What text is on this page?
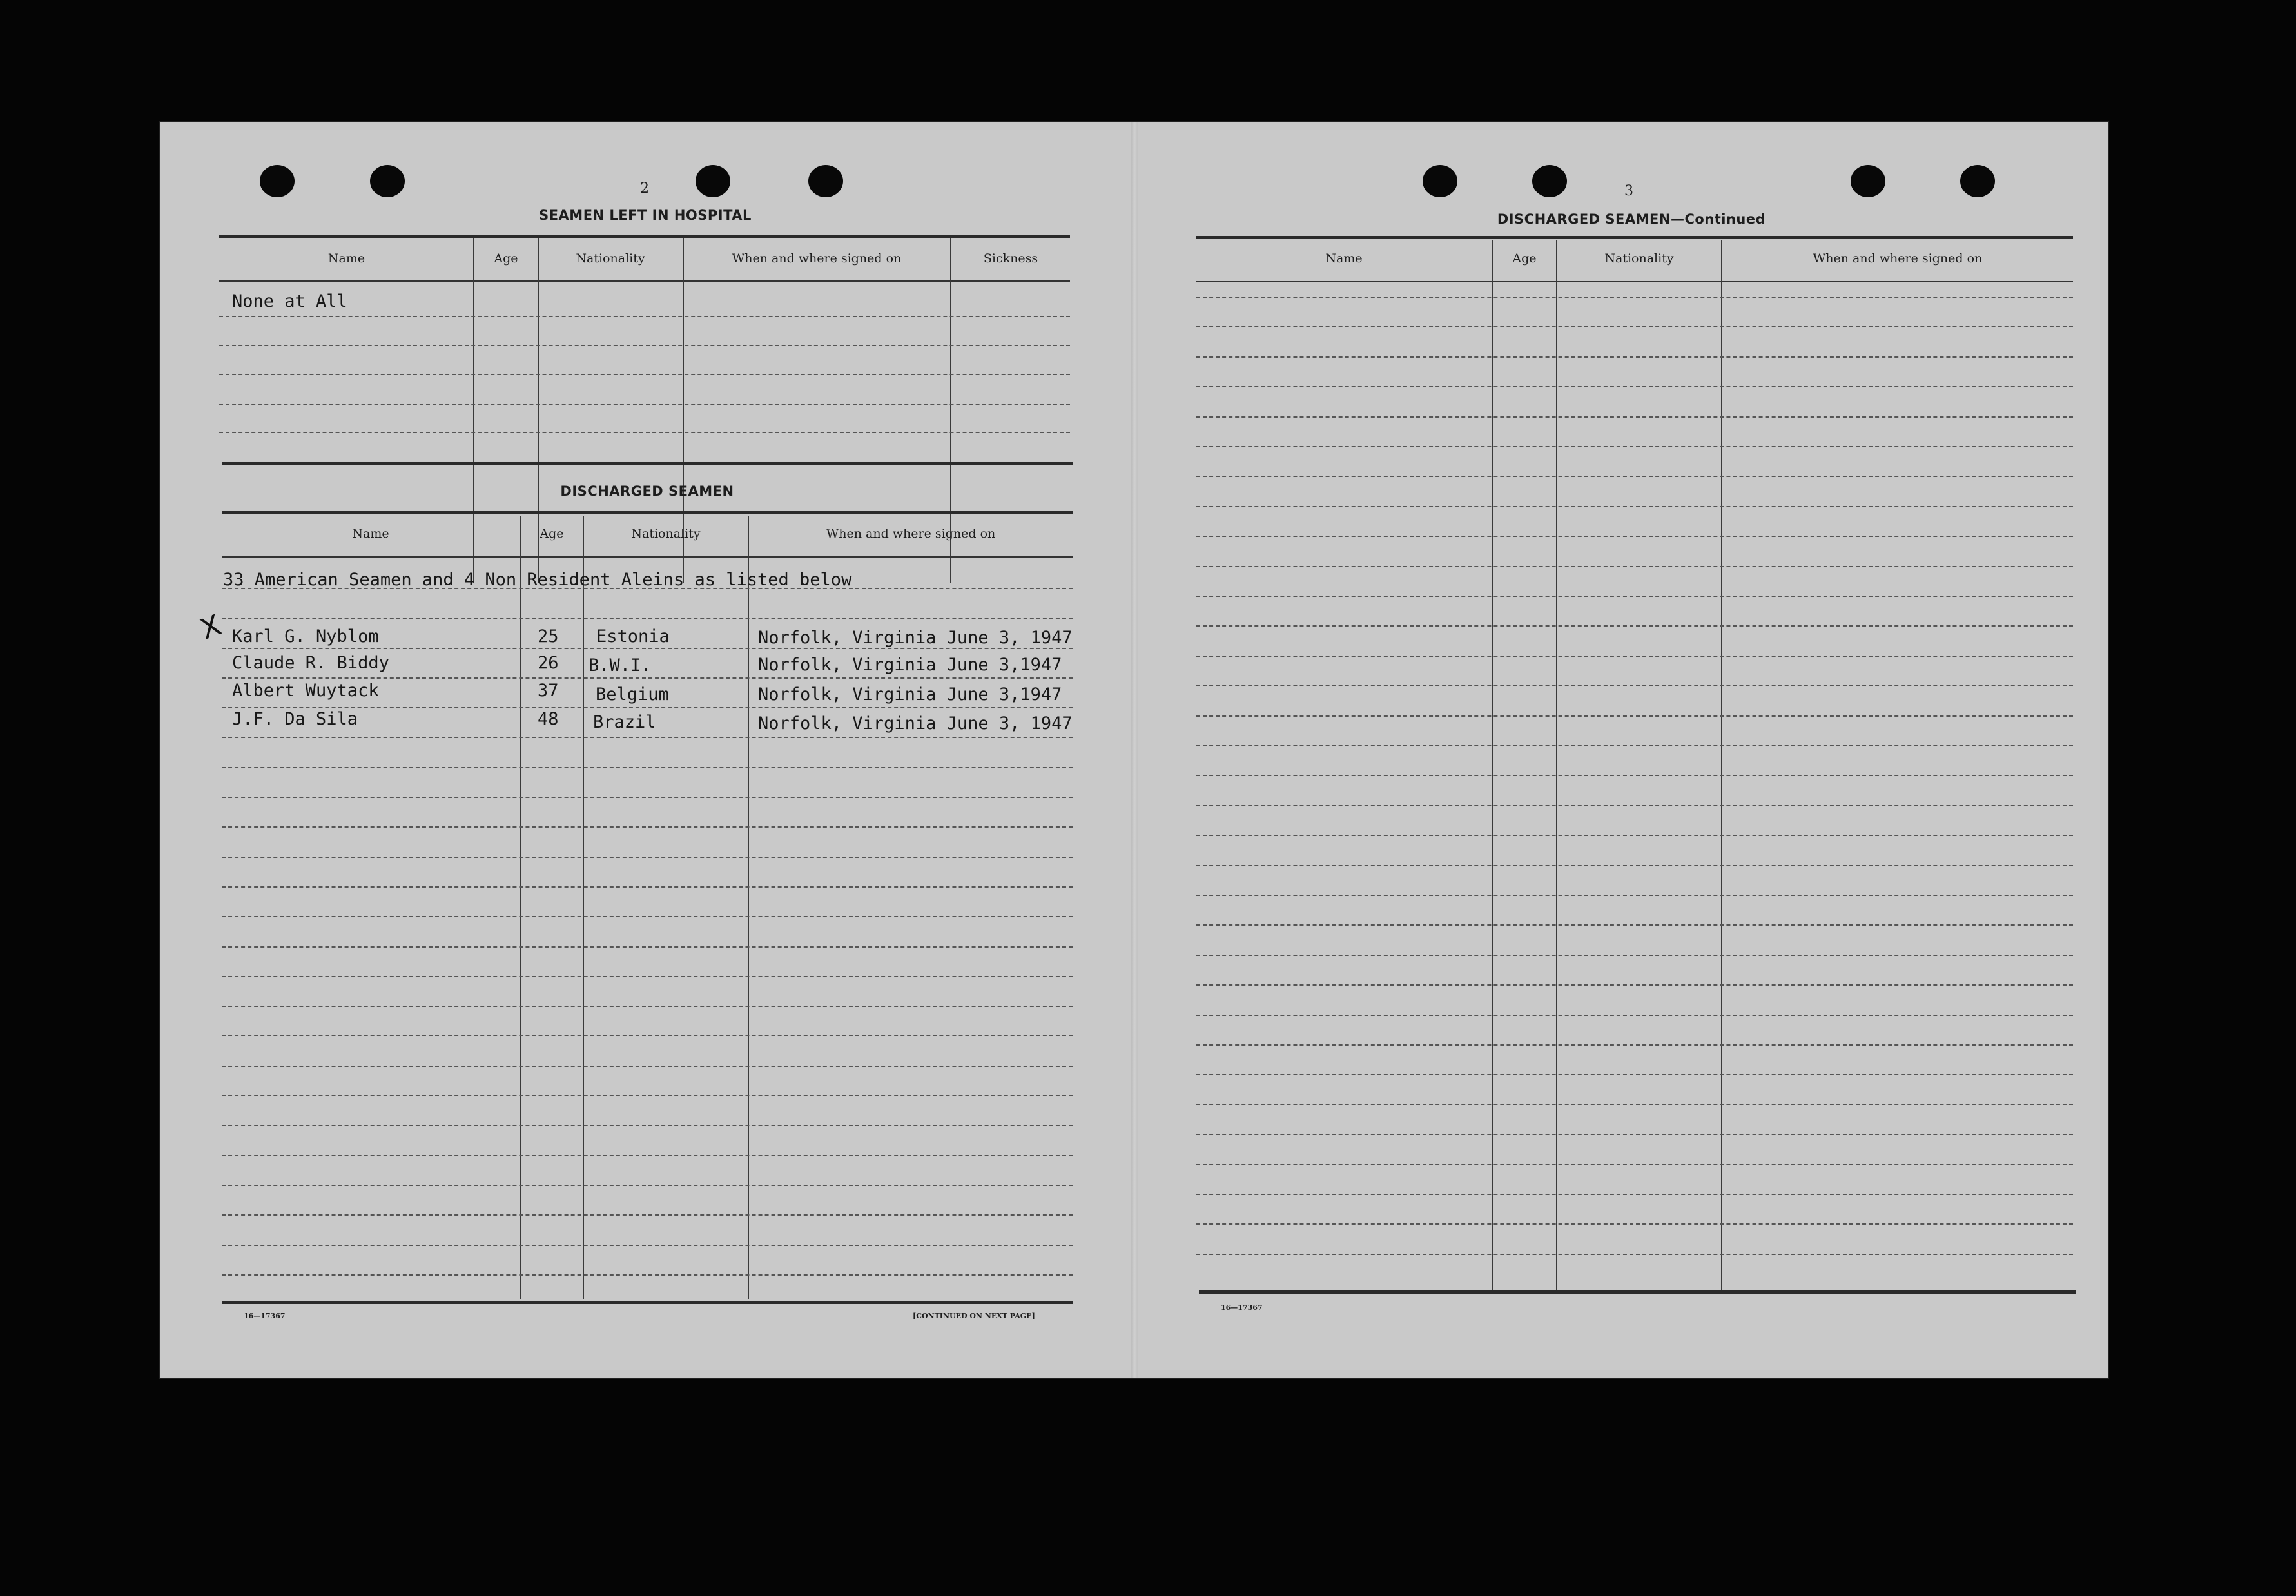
2
SEAMEN LEFT IN HOSPITAL
Name	Age	Nationality	When and where signed on	Sickness
None at All
DISCHARGED SEAMEN
Name	Age	Nationality	When and where signed on
33 American Seamen and 4 Non Resident Aleins as listed below
X Karl G. Nyblom	25 Estonia	Norfolk, Virginia June 3, 1947
Claude R. Biddy	26 B.W.I.	Norfolk, Virginia June 3,1947
Albert Wuytack	37 Belgium	Norfolk, Virginia June 3,1947
J.F. Da Sila	48 Brazil	Norfolk, Virginia June 3, 1947
16—17367	[CONTINUED ON NEXT PAGE]
3
DISCHARGED SEAMEN—Continued
Name	Age	Nationality	When and where signed on
16—17367
